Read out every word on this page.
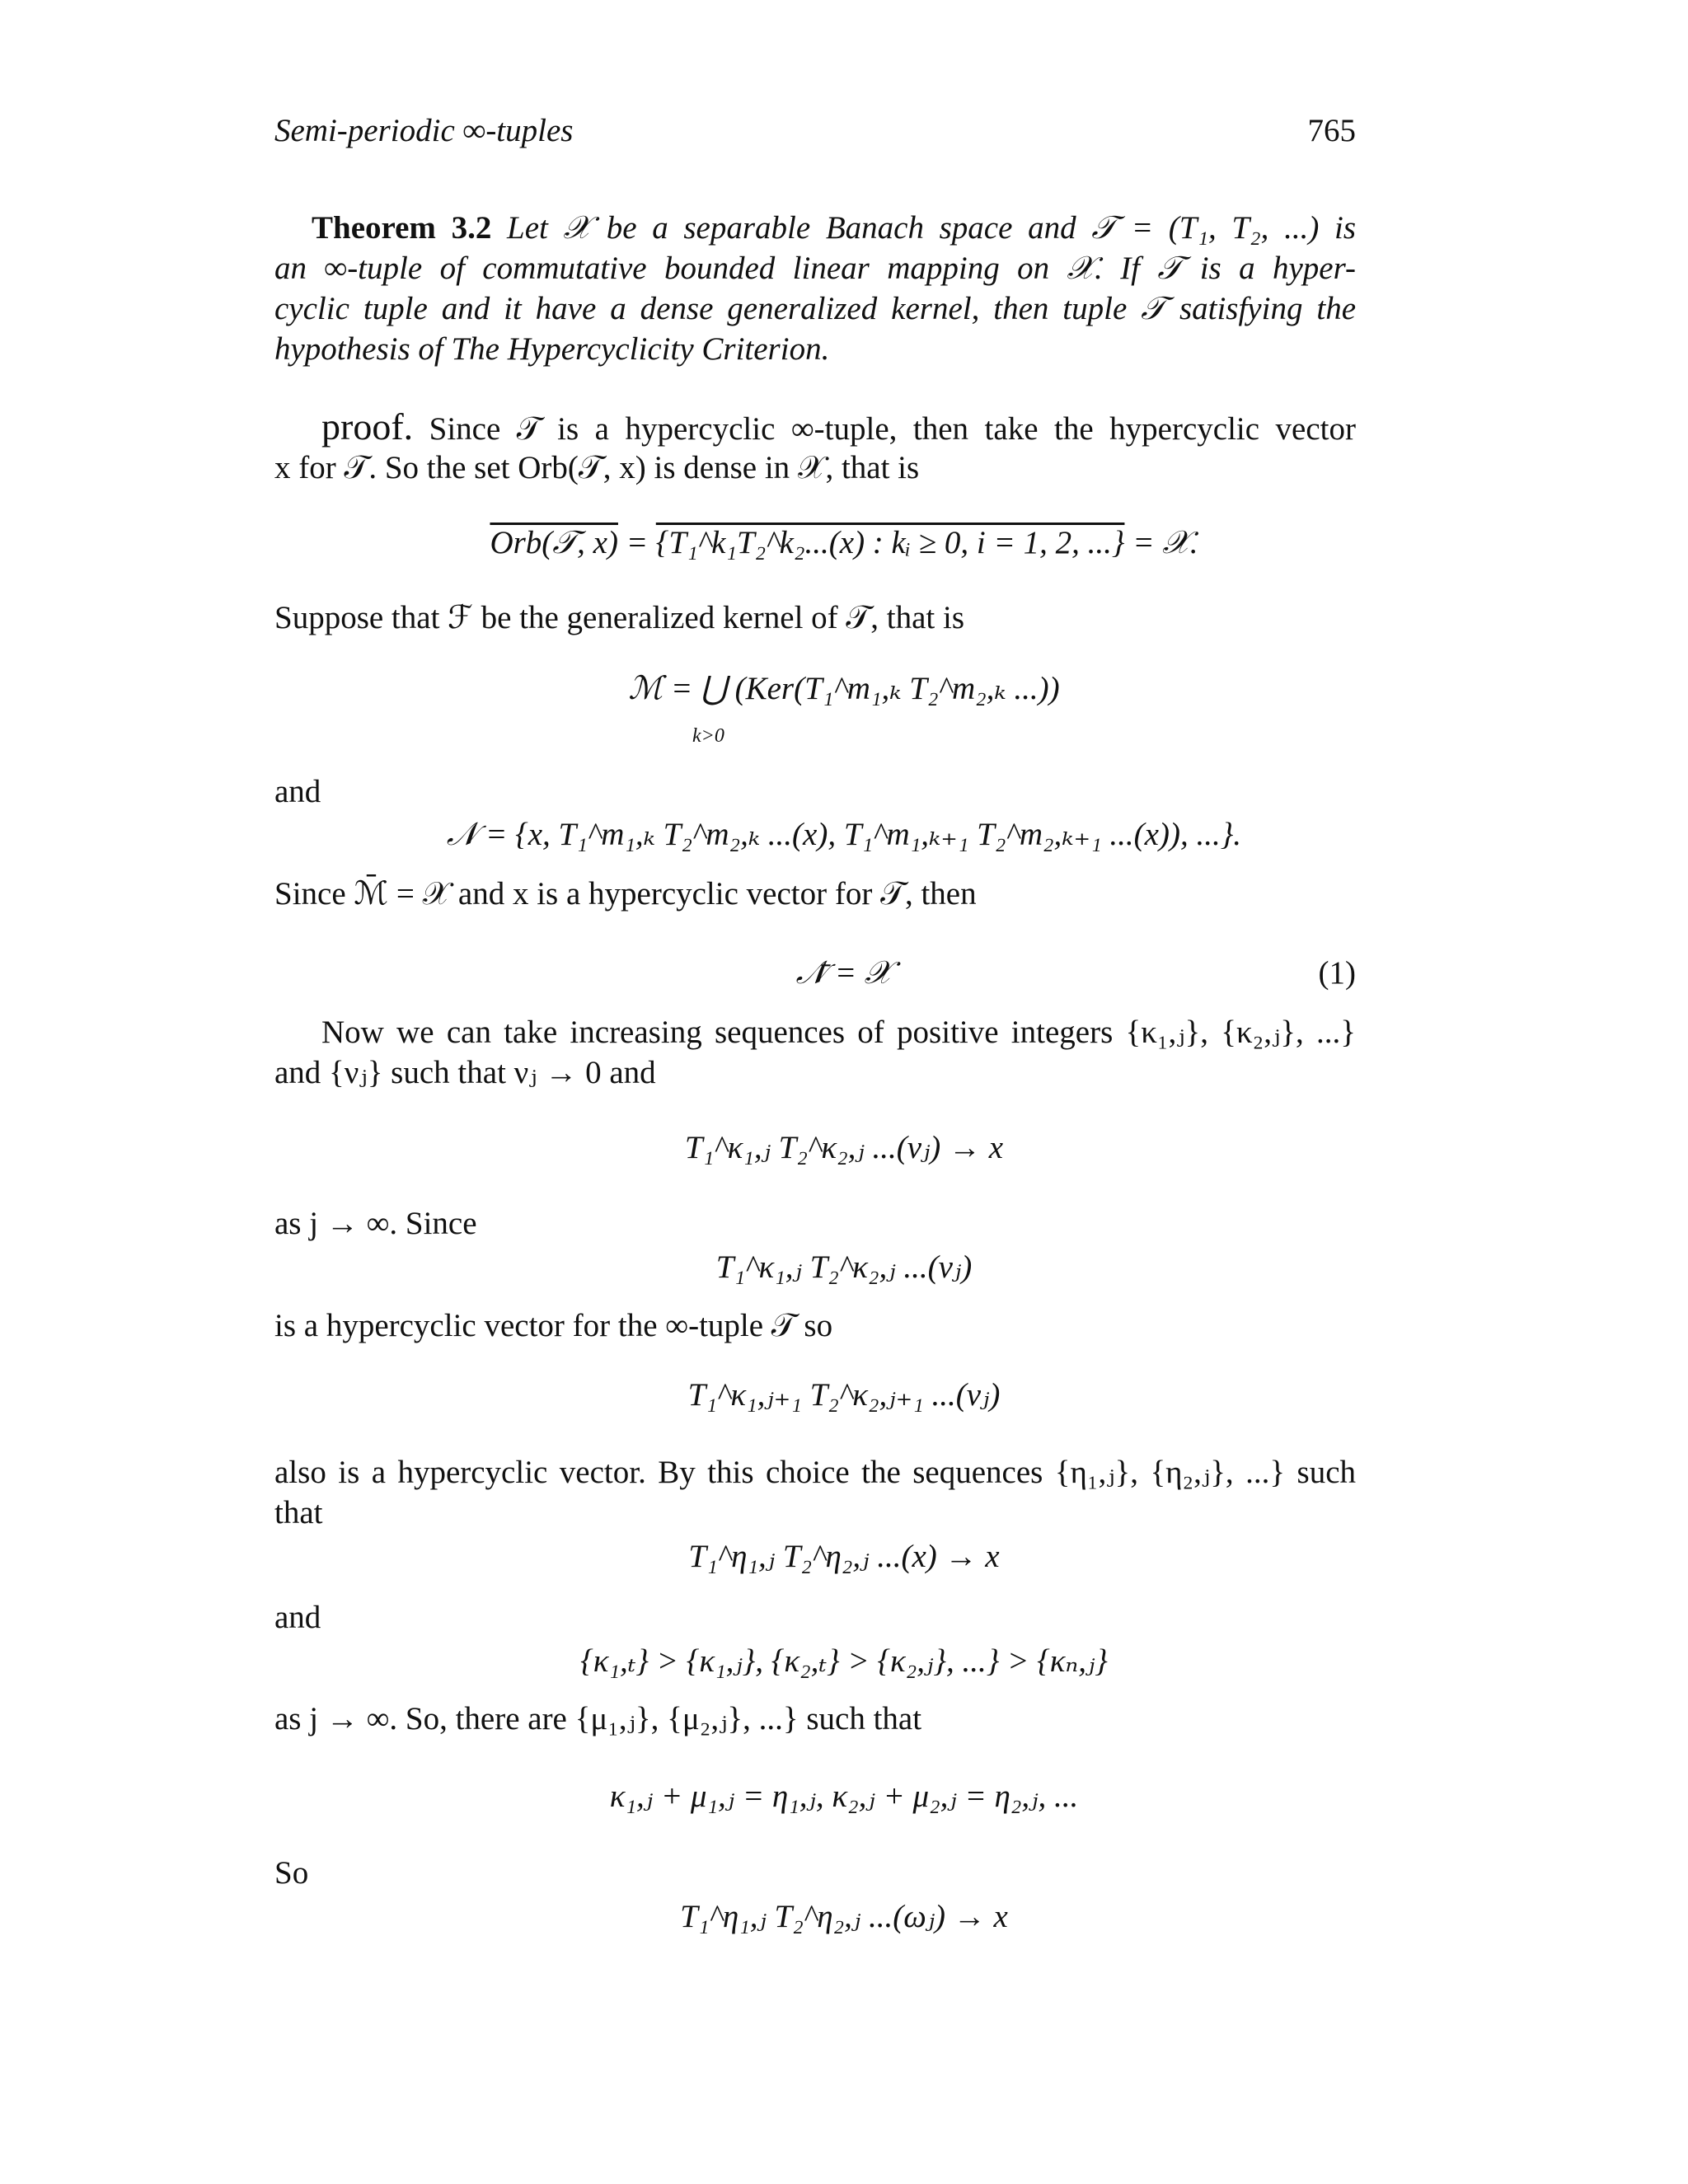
Semi-periodic ∞-tuples	765
Theorem 3.2 Let 𝒳 be a separable Banach space and 𝒯 = (T₁, T₂, ...) is
an ∞-tuple of commutative bounded linear mapping on 𝒳. If 𝒯 is a hyper-
cyclic tuple and it have a dense generalized kernel, then tuple 𝒯 satisfying the
hypothesis of The Hypercyclicity Criterion.
proof. Since 𝒯 is a hypercyclic ∞-tuple, then take the hypercyclic vector
x for 𝒯. So the set Orb(𝒯, x) is dense in 𝒳, that is
Orb(𝒯, x) = {T₁^k₁T₂^k₂...(x) : kᵢ ≥ 0, i = 1, 2, ...} = 𝒳.
Suppose that ℱ be the generalized kernel of 𝒯, that is
ℳ = ⋃ (Ker(T₁^m₁,ₖ T₂^m₂,ₖ ...))
k>0
and
𝒩 = {x, T₁^m₁,ₖ T₂^m₂,ₖ ...(x), T₁^m₁,ₖ₊₁ T₂^m₂,ₖ₊₁ ...(x)), ...}.
Since ℳ̄ = 𝒳 and x is a hypercyclic vector for 𝒯, then
𝒩̄ = 𝒳	(1)
Now we can take increasing sequences of positive integers {κ₁,ⱼ}, {κ₂,ⱼ}, ...}
and {νⱼ} such that νⱼ → 0 and
T₁^κ₁,ⱼ T₂^κ₂,ⱼ ...(νⱼ) → x
as j → ∞. Since
T₁^κ₁,ⱼ T₂^κ₂,ⱼ ...(νⱼ)
is a hypercyclic vector for the ∞-tuple 𝒯 so
T₁^κ₁,ⱼ₊₁ T₂^κ₂,ⱼ₊₁ ...(νⱼ)
also is a hypercyclic vector. By this choice the sequences {η₁,ⱼ}, {η₂,ⱼ}, ...} such
that
T₁^η₁,ⱼ T₂^η₂,ⱼ ...(x) → x
and
{κ₁,ₜ} > {κ₁,ⱼ}, {κ₂,ₜ} > {κ₂,ⱼ}, ...} > {κₙ,ⱼ}
as j → ∞. So, there are {μ₁,ⱼ}, {μ₂,ⱼ}, ...} such that
κ₁,ⱼ + μ₁,ⱼ = η₁,ⱼ, κ₂,ⱼ + μ₂,ⱼ = η₂,ⱼ, ...
So
T₁^η₁,ⱼ T₂^η₂,ⱼ ...(ωⱼ) → x
